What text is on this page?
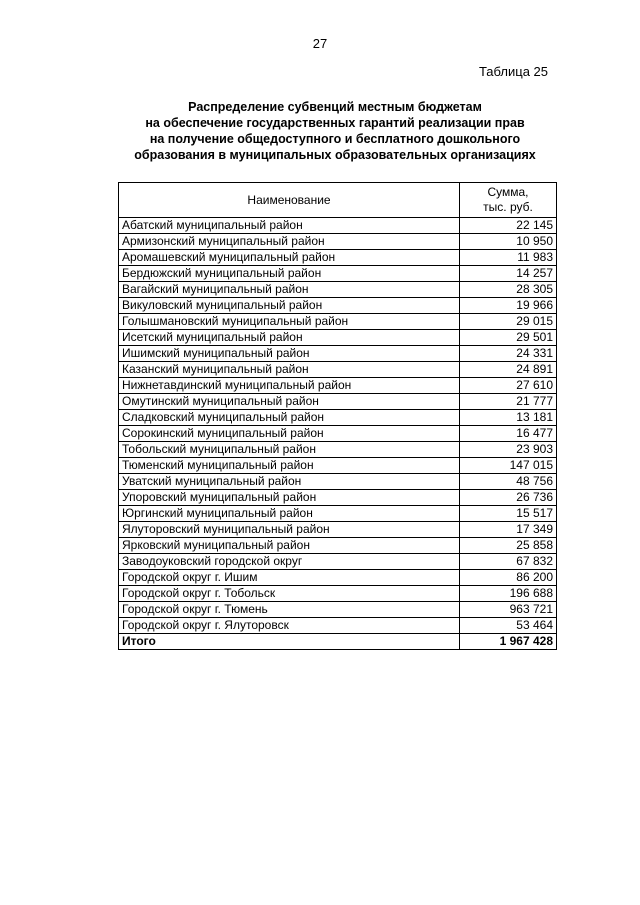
27
Таблица 25
Распределение субвенций местным бюджетам
на обеспечение государственных гарантий реализации прав
на получение общедоступного и бесплатного дошкольного
образования в муниципальных образовательных организациях
Наименование	Сумма,
тыс. руб.

Абатский муниципальный район	22 145
Армизонский муниципальный район	10 950
Аромашевский муниципальный район	11 983
Бердюжский муниципальный район	14 257
Вагайский муниципальный район	28 305
Викуловский муниципальный район	19 966
Голышмановский муниципальный район	29 015
Исетский муниципальный район	29 501
Ишимский муниципальный район	24 331
Казанский муниципальный район	24 891
Нижнетавдинский муниципальный район	27 610
Омутинский муниципальный район	21 777
Сладковский муниципальный район	13 181
Сорокинский муниципальный район	16 477
Тобольский муниципальный район	23 903
Тюменский муниципальный район	147 015
Уватский муниципальный район	48 756
Упоровский муниципальный район	26 736
Юргинский муниципальный район	15 517
Ялуторовский муниципальный район	17 349
Ярковский муниципальный район	25 858
Заводоуковский городской округ	67 832
Городской округ г. Ишим	86 200
Городской округ г. Тобольск	196 688
Городской округ г. Тюмень	963 721
Городской округ г. Ялуторовск	53 464
Итого	1 967 428
